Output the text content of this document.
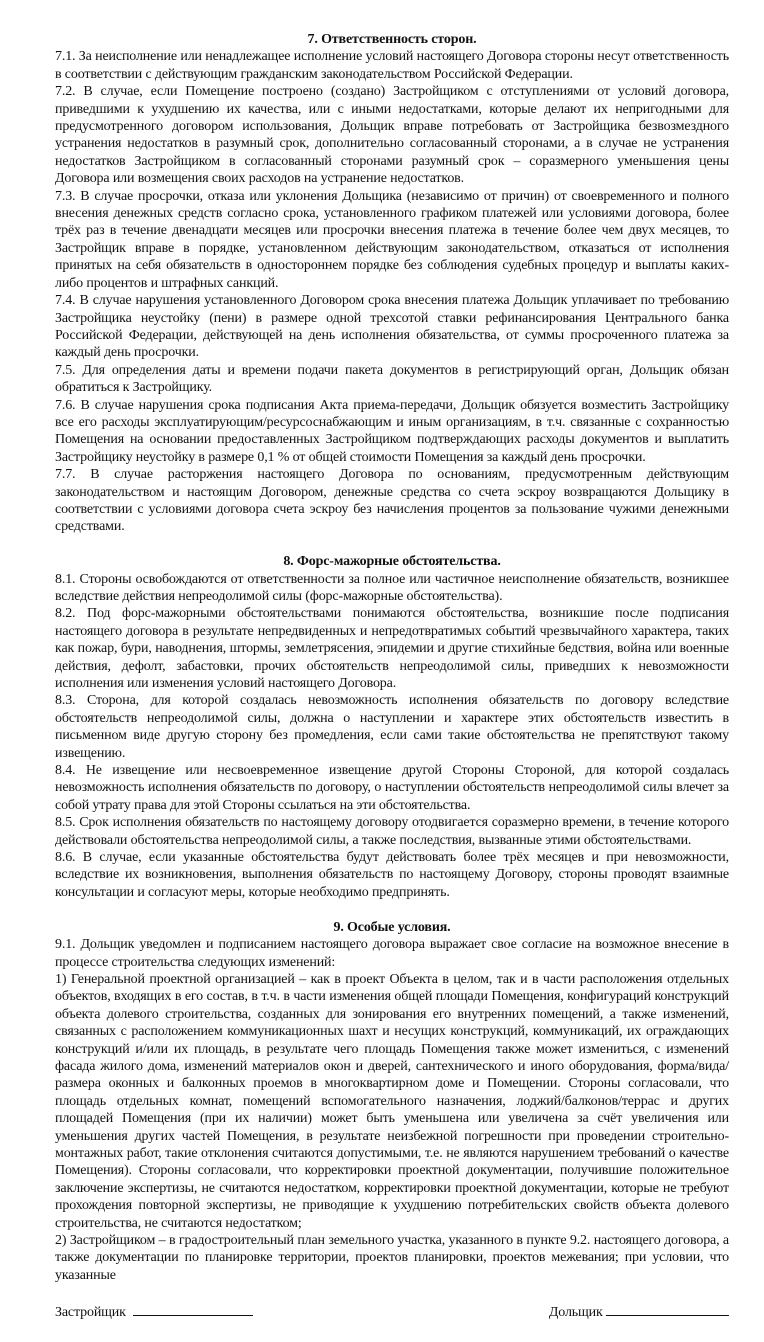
7. Ответственность сторон.

7.1. За неисполнение или ненадлежащее исполнение условий настоящего Договора стороны несут ответственность в соответствии с действующим гражданским законодательством Российской Федерации.

7.2. В случае, если Помещение построено (создано) Застройщиком с отступлениями от условий договора, приведшими к ухудшению их качества, или с иными недостатками, которые делают их непригодными для предусмотренного договором использования, Дольщик вправе потребовать от Застройщика безвозмездного устранения недостатков в разумный срок, дополнительно согласованный сторонами, а в случае не устранения недостатков Застройщиком в согласованный сторонами разумный срок – соразмерного уменьшения цены Договора или возмещения своих расходов на устранение недостатков.

7.3. В случае просрочки, отказа или уклонения Дольщика (независимо от причин) от своевременного и полного внесения денежных средств согласно срока, установленного графиком платежей или условиями договора, более трёх раз в течение двенадцати месяцев или просрочки внесения платежа в течение более чем двух месяцев, то Застройщик вправе в порядке, установленном действующим законодательством, отказаться от исполнения принятых на себя обязательств в одностороннем порядке без соблюдения судебных процедур и выплаты каких-либо процентов и штрафных санкций.

7.4. В случае нарушения установленного Договором срока внесения платежа Дольщик уплачивает по требованию Застройщика неустойку (пени) в размере одной трехсотой ставки рефинансирования Центрального банка Российской Федерации, действующей на день исполнения обязательства, от суммы просроченного платежа за каждый день просрочки.

7.5. Для определения даты и времени подачи пакета документов в регистрирующий орган, Дольщик обязан обратиться к Застройщику.

7.6. В случае нарушения срока подписания Акта приема-передачи, Дольщик обязуется возместить Застройщику все его расходы эксплуатирующим/ресурсоснабжающим и иным организациям, в т.ч. связанные с сохранностью Помещения на основании предоставленных Застройщиком подтверждающих расходы документов и выплатить Застройщику неустойку в размере 0,1 % от общей стоимости Помещения за каждый день просрочки.

7.7. В случае расторжения настоящего Договора по основаниям, предусмотренным действующим законодательством и настоящим Договором, денежные средства со счета эскроу возвращаются Дольщику в соответствии с условиями договора счета эскроу без начисления процентов за пользование чужими денежными средствами.

8. Форс-мажорные обстоятельства.

8.1. Стороны освобождаются от ответственности за полное или частичное неисполнение обязательств, возникшее вследствие действия непреодолимой силы (форс-мажорные обстоятельства).

8.2. Под форс-мажорными обстоятельствами понимаются обстоятельства, возникшие после подписания настоящего договора в результате непредвиденных и непредотвратимых событий чрезвычайного характера, таких как пожар, бури, наводнения, штормы, землетрясения, эпидемии и другие стихийные бедствия, война или военные действия, дефолт, забастовки, прочих обстоятельств непреодолимой силы, приведших к невозможности исполнения или изменения условий настоящего Договора.

8.3. Сторона, для которой создалась невозможность исполнения обязательств по договору вследствие обстоятельств непреодолимой силы, должна о наступлении и характере этих обстоятельств известить в письменном виде другую сторону без промедления, если сами такие обстоятельства не препятствуют такому извещению.

8.4. Не извещение или несвоевременное извещение другой Стороны Стороной, для которой создалась невозможность исполнения обязательств по договору, о наступлении обстоятельств непреодолимой силы влечет за собой утрату права для этой Стороны ссылаться на эти обстоятельства.

8.5. Срок исполнения обязательств по настоящему договору отодвигается соразмерно времени, в течение которого действовали обстоятельства непреодолимой силы, а также последствия, вызванные этими обстоятельствами.

8.6. В случае, если указанные обстоятельства будут действовать более трёх месяцев и при невозможности, вследствие их возникновения, выполнения обязательств по настоящему Договору, стороны проводят взаимные консультации и согласуют меры, которые необходимо предпринять.

9. Особые условия.

9.1. Дольщик уведомлен и подписанием настоящего договора выражает свое согласие на возможное внесение в процессе строительства следующих изменений:

1) Генеральной проектной организацией – как в проект Объекта в целом, так и в части расположения отдельных объектов, входящих в его состав, в т.ч. в части изменения общей площади Помещения, конфигураций конструкций объекта долевого строительства, созданных для зонирования его внутренних помещений, а также изменений, связанных с расположением коммуникационных шахт и несущих конструкций, коммуникаций, их ограждающих конструкций и/или их площадь, в результате чего площадь Помещения также может измениться, с изменений фасада жилого дома, изменений материалов окон и дверей, сантехнического и иного оборудования, форма/вида/размера оконных и балконных проемов в многоквартирном доме и Помещении. Стороны согласовали, что площадь отдельных комнат, помещений вспомогательного назначения, лоджий/балконов/террас и других площадей Помещения (при их наличии) может быть уменьшена или увеличена за счёт увеличения или уменьшения других частей Помещения, в результате неизбежной погрешности при проведении строительно-монтажных работ, такие отклонения считаются допустимыми, т.е. не являются нарушением требований о качестве Помещения). Стороны согласовали, что корректировки проектной документации, получившие положительное заключение экспертизы, не считаются недостатком, корректировки проектной документации, которые не требуют прохождения повторной экспертизы, не приводящие к ухудшению потребительских свойств объекта долевого строительства, не считаются недостатком;

2) Застройщиком – в градостроительный план земельного участка, указанного в пункте 9.2. настоящего договора, а также документации по планировке территории, проектов планировки, проектов межевания; при условии, что указанные

Застройщик	Дольщик
